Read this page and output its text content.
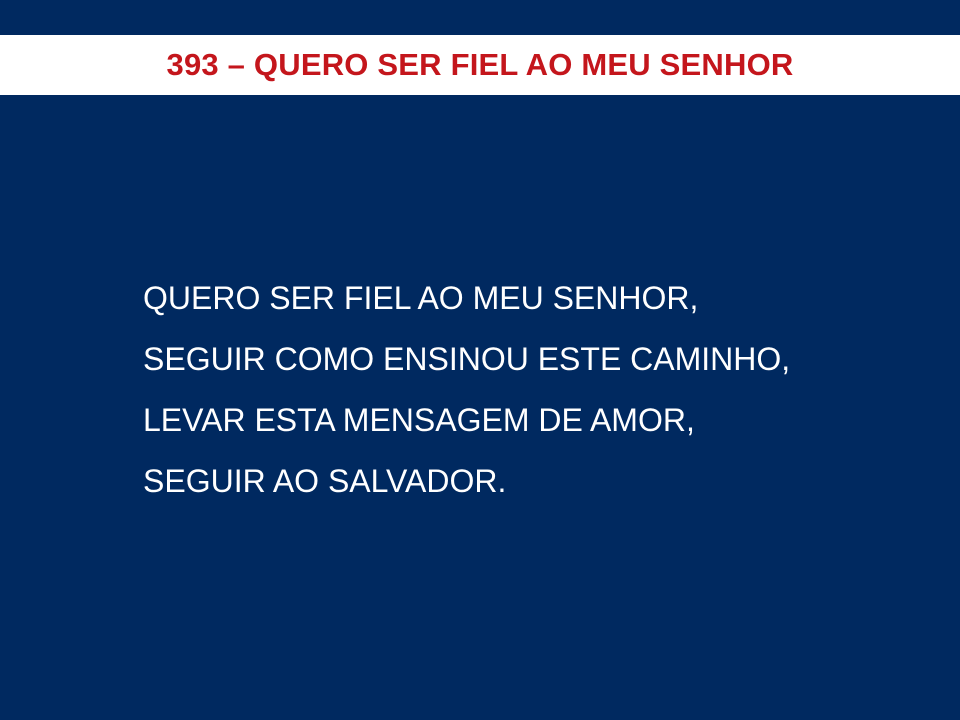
393 – QUERO SER FIEL AO MEU SENHOR
QUERO SER FIEL AO MEU SENHOR,
SEGUIR COMO ENSINOU ESTE CAMINHO,
LEVAR ESTA MENSAGEM DE AMOR,
SEGUIR AO SALVADOR.
